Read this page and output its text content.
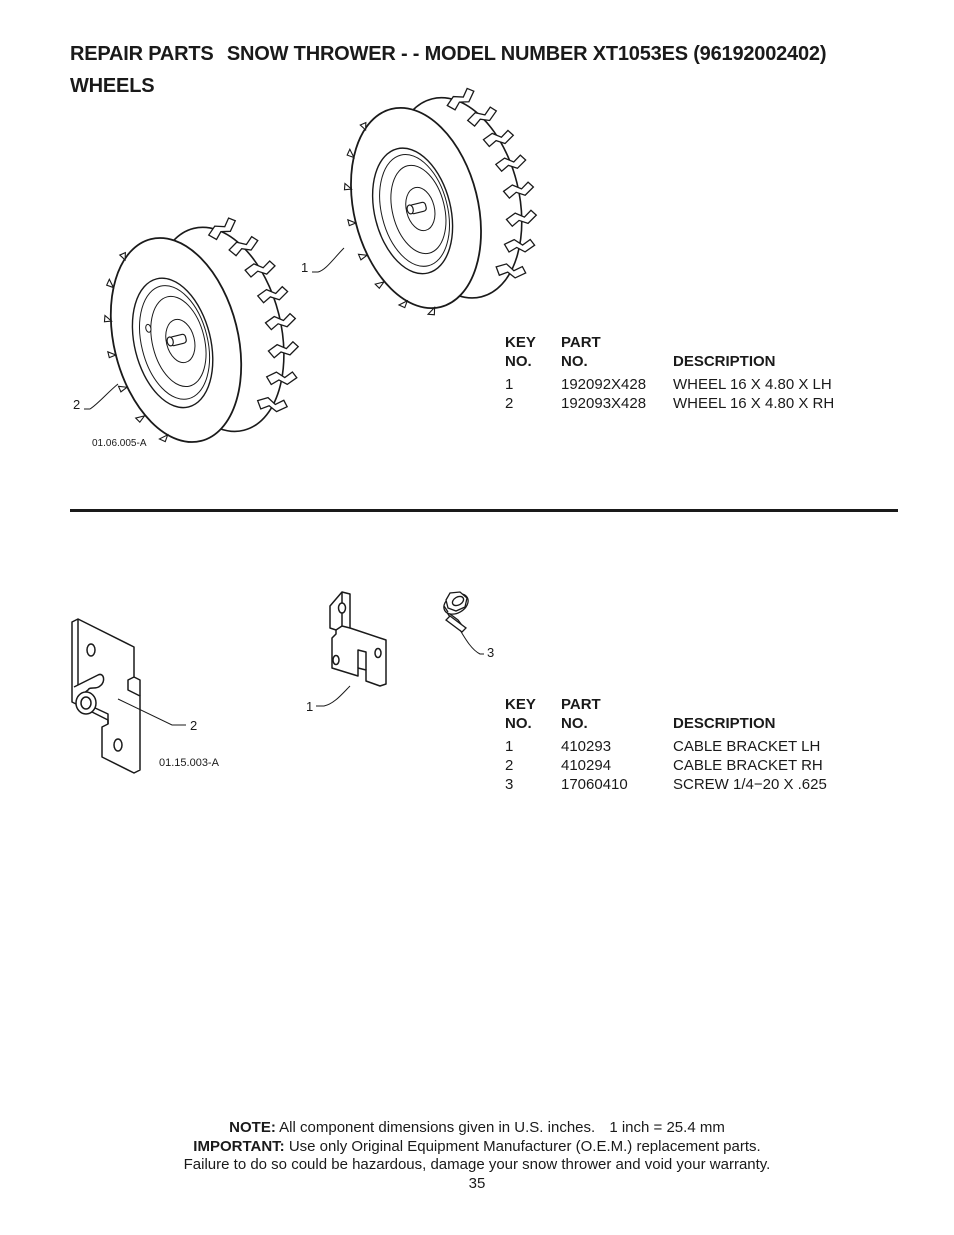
REPAIR PARTS SNOW THROWER - - MODEL NUMBER XT1053ES (96192002402)
WHEELS
1
2
01.06.005-A
2
01.15.003-A
1
3
KEY
NO.
PART
NO.	DESCRIPTION
1	192092X428 WHEEL 16 X 4.80 X LH
2	192093X428 WHEEL 16 X 4.80 X RH
KEY
NO.
PART
NO.	DESCRIPTION
1	410293	CABLE BRACKET LH
2	410294	CABLE BRACKET RH
3	17060410	SCREW 1/4−20 X .625
NOTE: All component dimensions given in U.S. inches. 1 inch = 25.4 mm
IMPORTANT: Use only Original Equipment Manufacturer (O.E.M.) replacement parts.
Failure to do so could be hazardous, damage your snow thrower and void your warranty.
35
